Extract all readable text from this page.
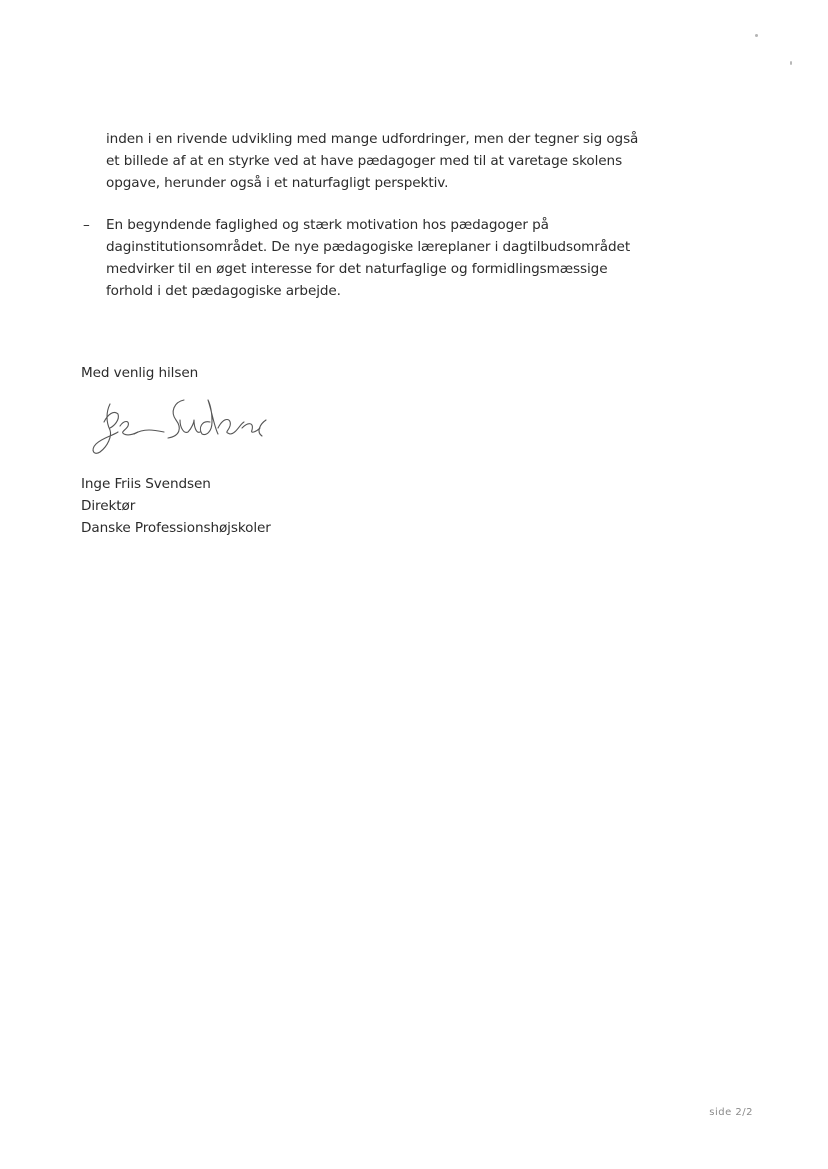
inden i en rivende udvikling med mange udfordringer, men der tegner sig også
et billede af at en styrke ved at have pædagoger med til at varetage skolens
opgave, herunder også i et naturfagligt perspektiv.
– En begyndende faglighed og stærk motivation hos pædagoger på
daginstitutionsområdet. De nye pædagogiske læreplaner i dagtilbudsområdet
medvirker til en øget interesse for det naturfaglige og formidlingsmæssige
forhold i det pædagogiske arbejde.
Med venlig hilsen
Inge Friis Svendsen
Direktør
Danske Professionshøjskoler
side 2/2
